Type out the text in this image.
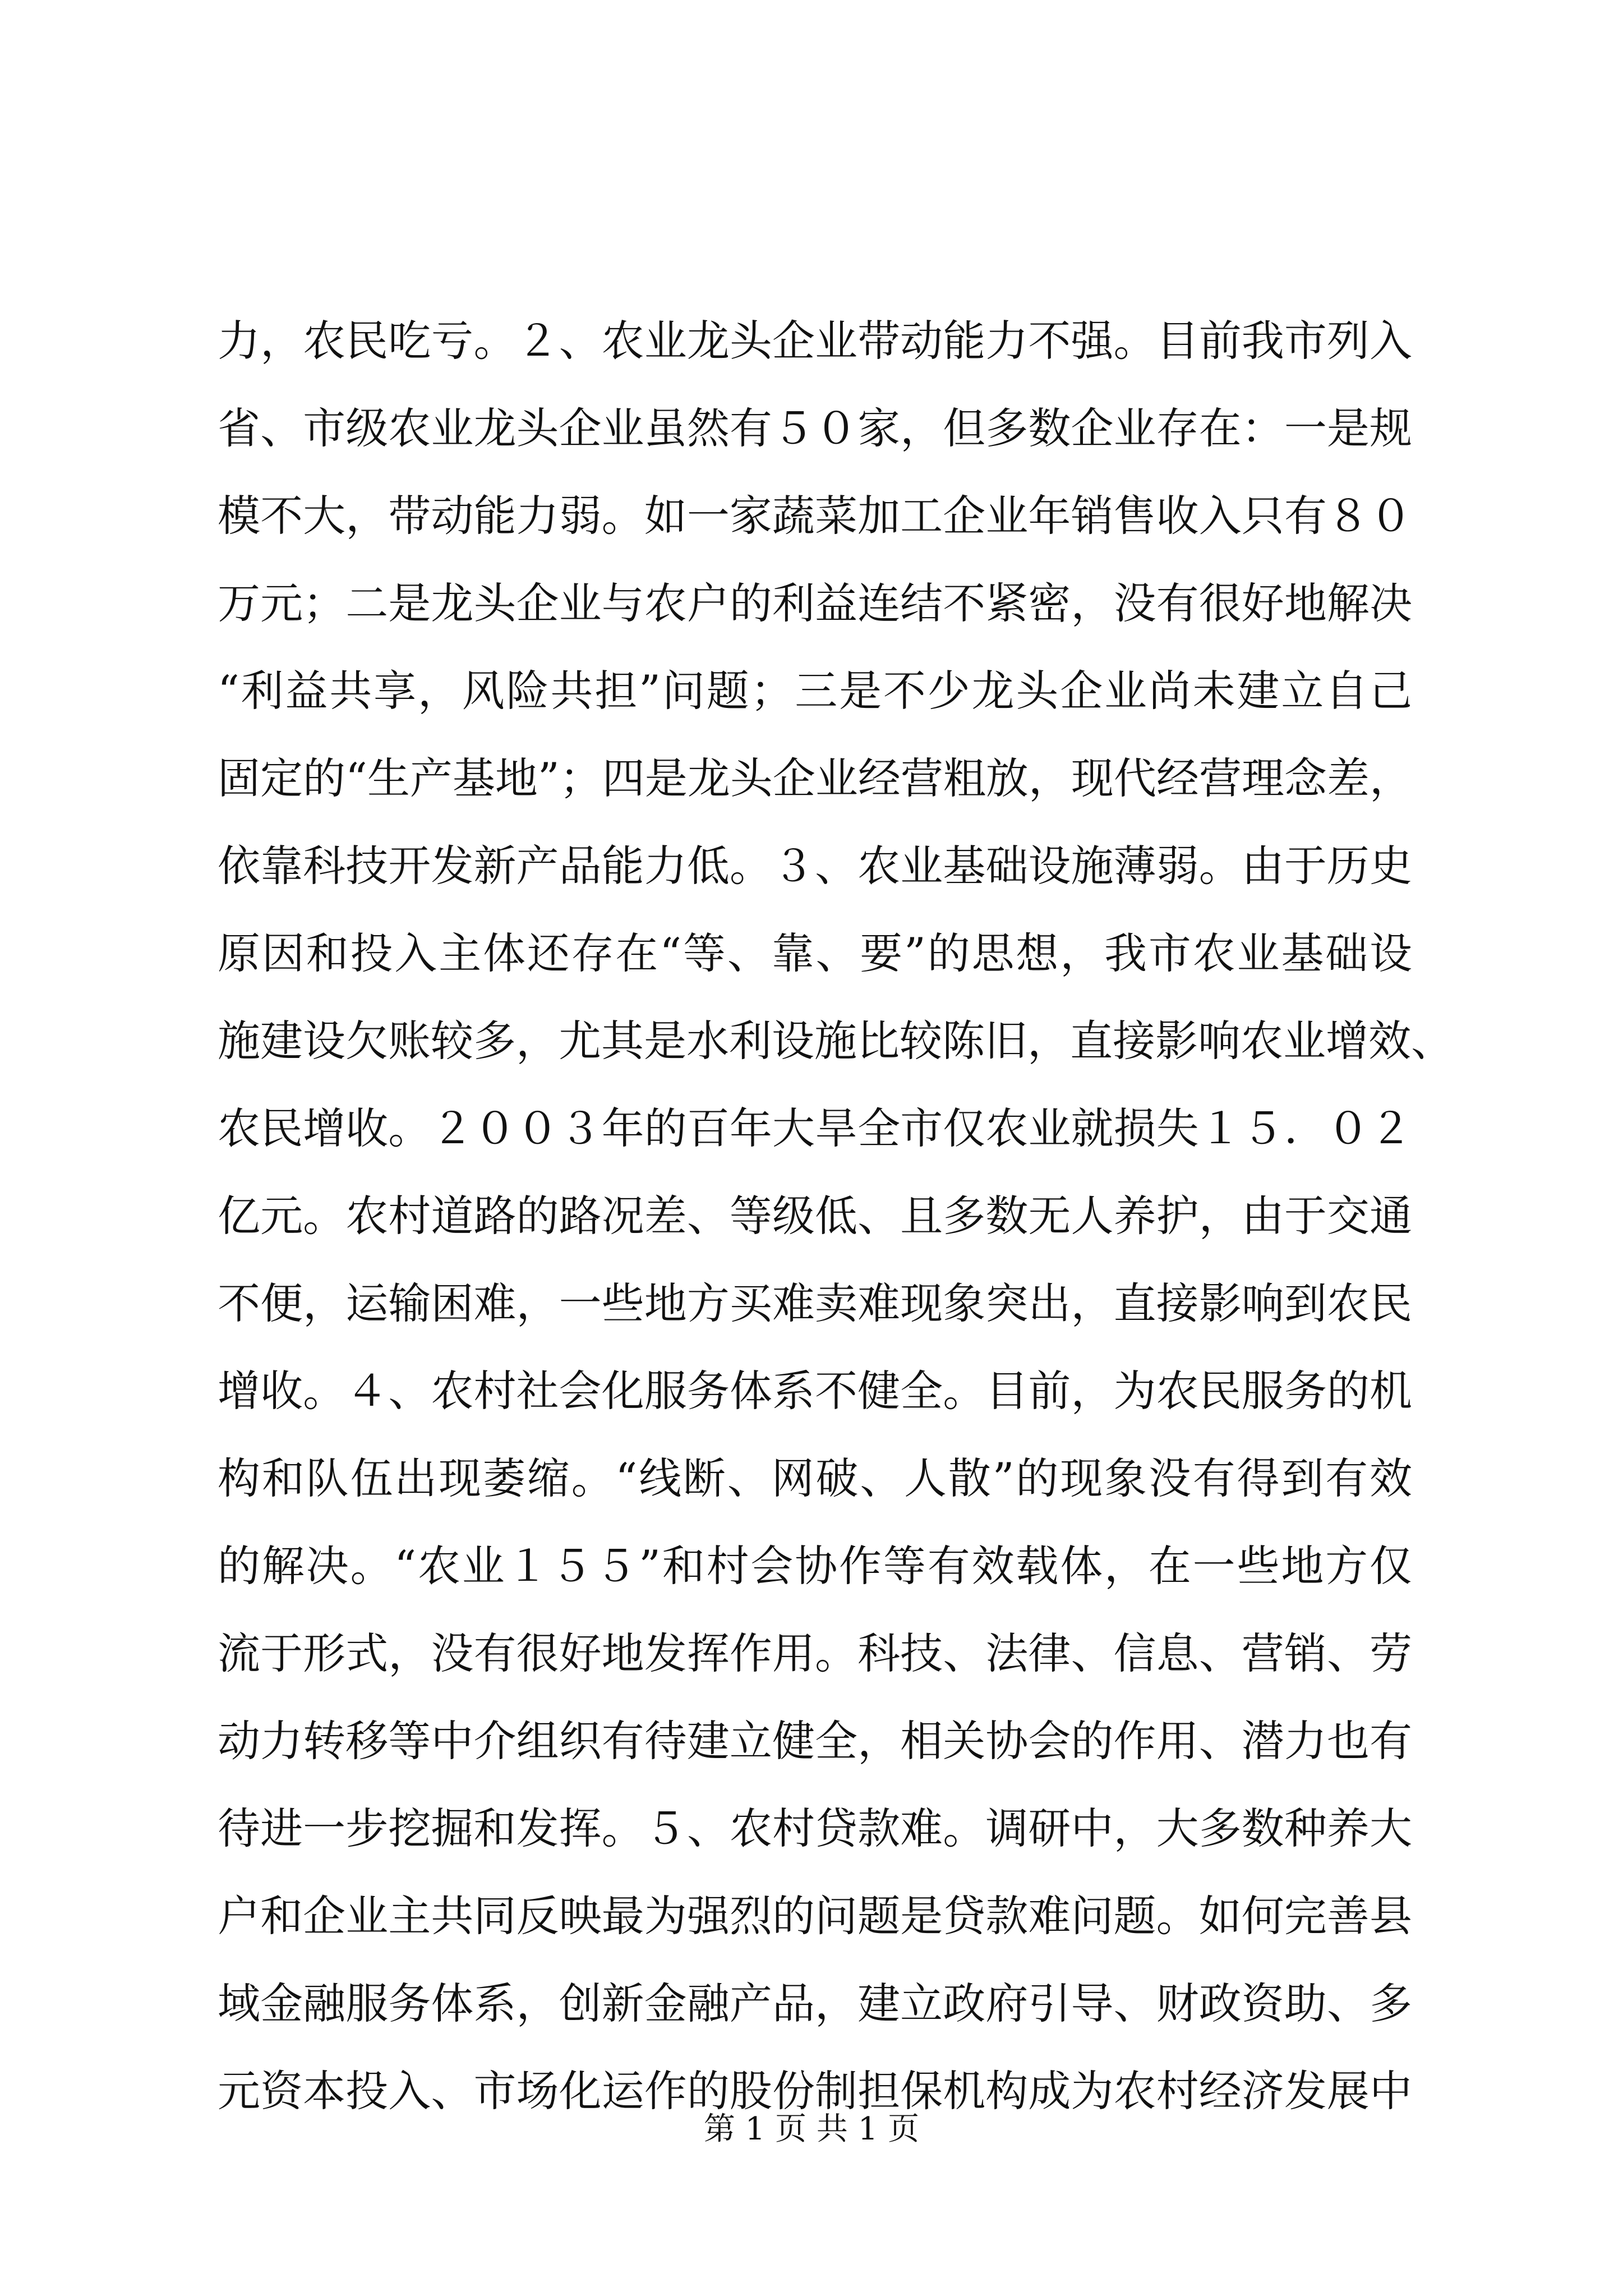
力，农民吃亏。２、农业龙头企业带动能力不强。目前我市列入
省、市级农业龙头企业虽然有５０家，但多数企业存在：一是规
模不大，带动能力弱。如一家蔬菜加工企业年销售收入只有８０
万元；二是龙头企业与农户的利益连结不紧密，没有很好地解决
“利益共享，风险共担”问题；三是不少龙头企业尚未建立自己
固定的“生产基地”；四是龙头企业经营粗放，现代经营理念差，
依靠科技开发新产品能力低。３、农业基础设施薄弱。由于历史
原因和投入主体还存在“等、靠、要”的思想，我市农业基础设
施建设欠账较多，尤其是水利设施比较陈旧，直接影响农业增效、
农民增收。２００３年的百年大旱全市仅农业就损失１５．０２
亿元。农村道路的路况差、等级低、且多数无人养护，由于交通
不便，运输困难，一些地方买难卖难现象突出，直接影响到农民
增收。４、农村社会化服务体系不健全。目前，为农民服务的机
构和队伍出现萎缩。“线断、网破、人散”的现象没有得到有效
的解决。“农业１５５”和村会协作等有效载体，在一些地方仅
流于形式，没有很好地发挥作用。科技、法律、信息、营销、劳
动力转移等中介组织有待建立健全，相关协会的作用、潜力也有
待进一步挖掘和发挥。５、农村贷款难。调研中，大多数种养大
户和企业主共同反映最为强烈的问题是贷款难问题。如何完善县
域金融服务体系，创新金融产品，建立政府引导、财政资助、多
元资本投入、市场化运作的股份制担保机构成为农村经济发展中
第 1 页 共 1 页
